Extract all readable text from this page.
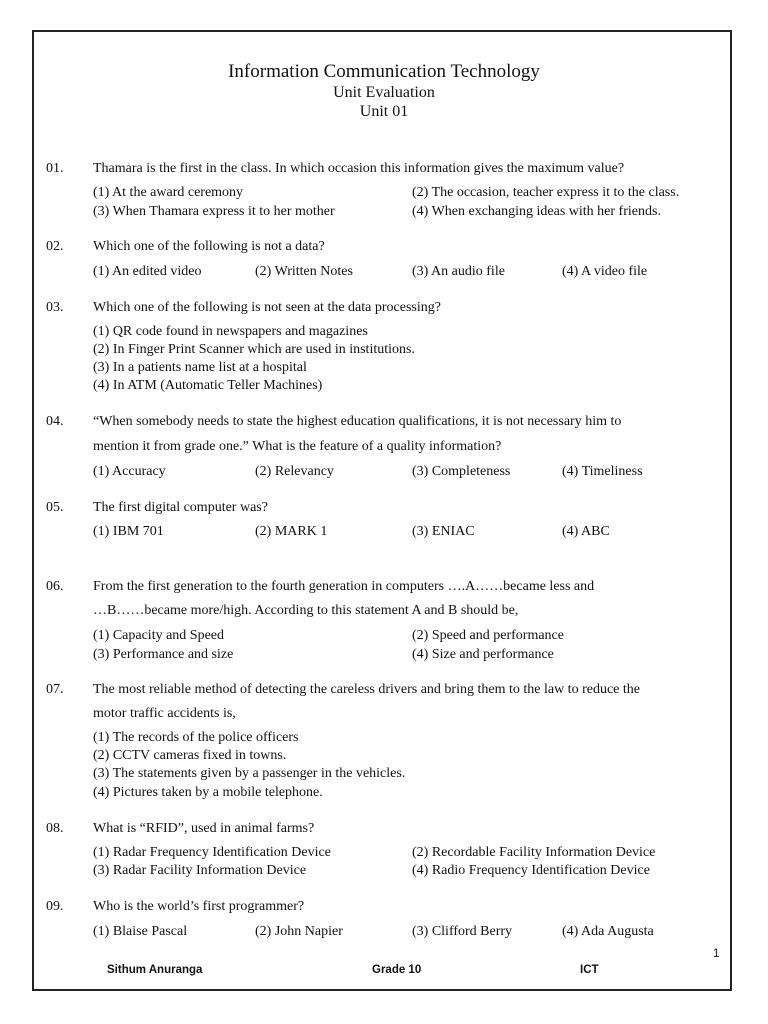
Information Communication Technology
Unit Evaluation
Unit 01
01. Thamara is the first in the class. In which occasion this information gives the maximum value?
(1) At the award ceremony	(2) The occasion, teacher express it to the class.
(3) When Thamara express it to her mother	(4) When exchanging ideas with her friends.
02. Which one of the following is not a data?
(1) An edited video	(2) Written Notes	(3) An audio file	(4) A video file
03. Which one of the following is not seen at the data processing?
(1) QR code found in newspapers and magazines
(2) In Finger Print Scanner which are used in institutions.
(3) In a patients name list at a hospital
(4) In ATM (Automatic Teller Machines)
04. “When somebody needs to state the highest education qualifications, it is not necessary him to
mention it from grade one.” What is the feature of a quality information?
(1) Accuracy	(2) Relevancy	(3) Completeness	(4) Timeliness
05. The first digital computer was?
(1) IBM 701	(2) MARK 1	(3) ENIAC	(4) ABC
06. From the first generation to the fourth generation in computers ….A……became less and
…B……became more/high. According to this statement A and B should be,
(1) Capacity and Speed	(2) Speed and performance
(3) Performance and size	(4) Size and performance
07. The most reliable method of detecting the careless drivers and bring them to the law to reduce the
motor traffic accidents is,
(1) The records of the police officers
(2) CCTV cameras fixed in towns.
(3) The statements given by a passenger in the vehicles.
(4) Pictures taken by a mobile telephone.
08. What is “RFID”, used in animal farms?
(1) Radar Frequency Identification Device	(2) Recordable Facility Information Device
(3) Radar Facility Information Device	(4) Radio Frequency Identification Device
09. Who is the world’s first programmer?
(1) Blaise Pascal	(2) John Napier	(3) Clifford Berry	(4) Ada Augusta
1
Sithum Anuranga	Grade 10	ICT
